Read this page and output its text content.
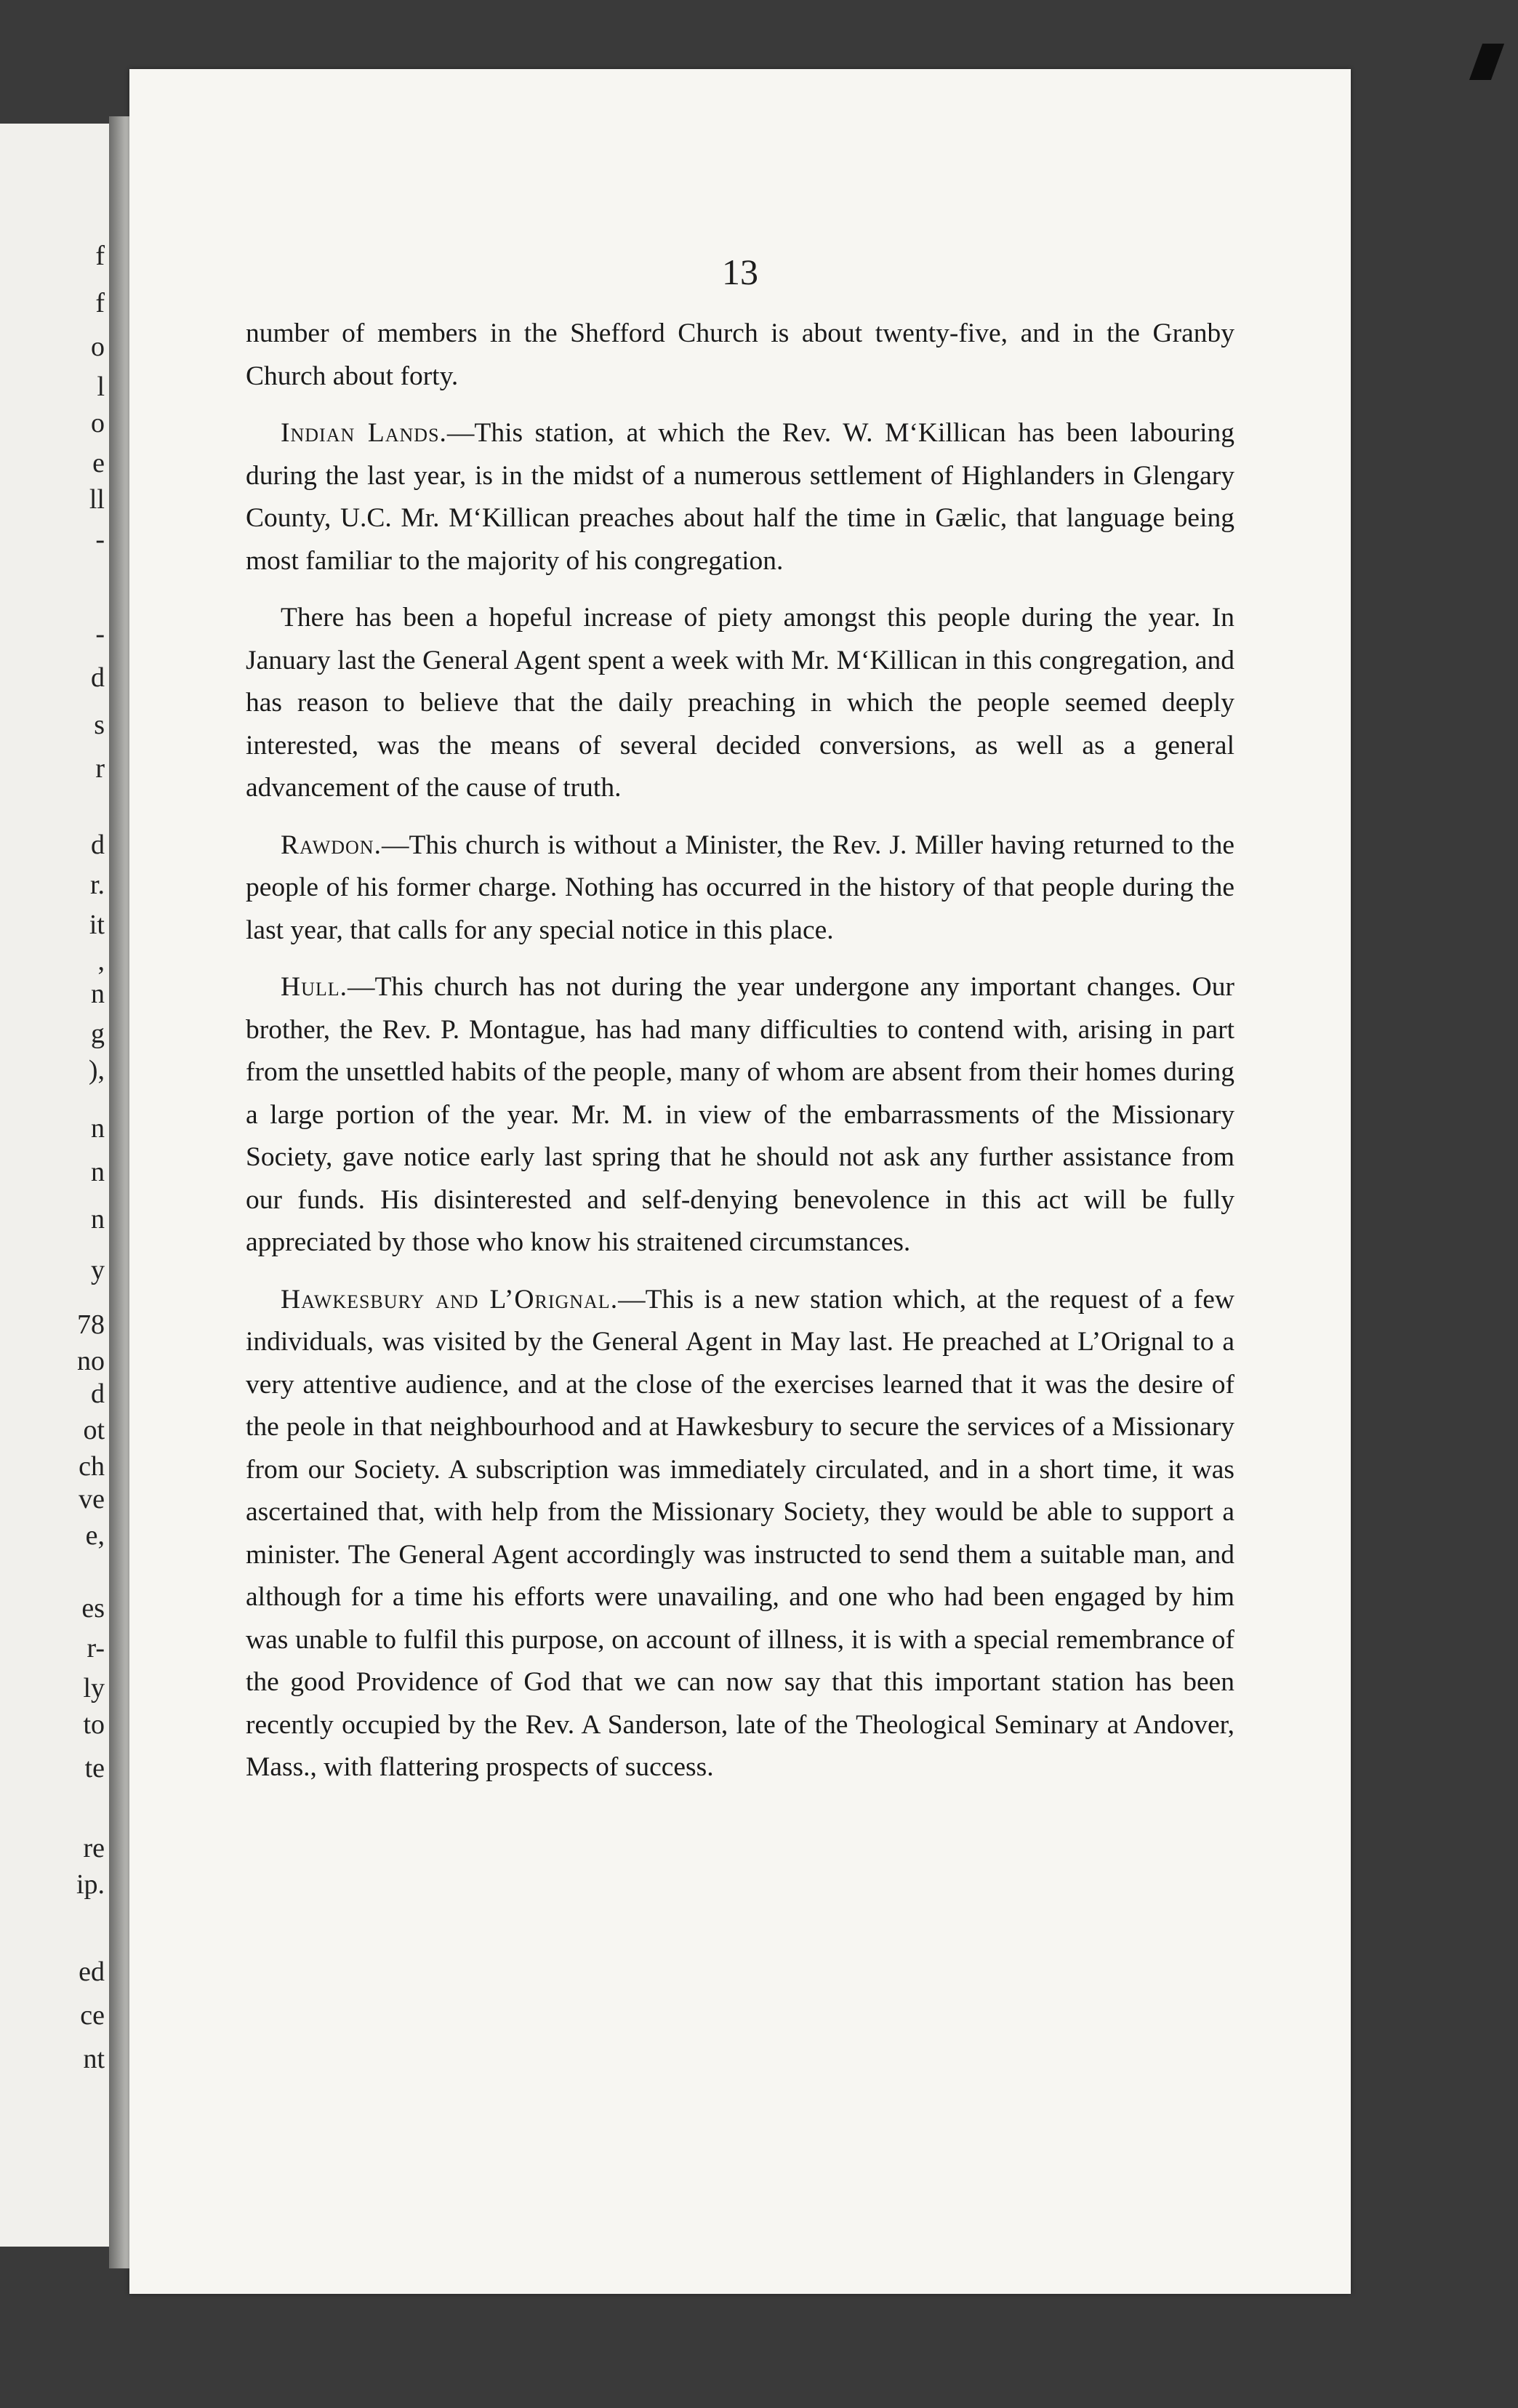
f
f
o
l
o
e
ll
-
-
d
s
r
d
r.
it
,
n
g
),
n
n
n
y
78
no
d
ot
ch
ve
e,
es
r-
ly
to
te
re
ip.
ed
ce
nt
13

number of members in the Shefford Church is about twenty-five, and in the Granby Church about forty.

Indian Lands.—This station, at which the Rev. W. M‘Killican has been labouring during the last year, is in the midst of a numerous settlement of Highlanders in Glengary County, U.C. Mr. M‘Killican preaches about half the time in Gælic, that language being most familiar to the majority of his congregation.

There has been a hopeful increase of piety amongst this people during the year. In January last the General Agent spent a week with Mr. M‘Killican in this congregation, and has reason to believe that the daily preaching in which the people seemed deeply interested, was the means of several decided conversions, as well as a general advancement of the cause of truth.

Rawdon.—This church is without a Minister, the Rev. J. Miller having returned to the people of his former charge. Nothing has occurred in the history of that people during the last year, that calls for any special notice in this place.

Hull.—This church has not during the year undergone any important changes. Our brother, the Rev. P. Montague, has had many difficulties to contend with, arising in part from the unsettled habits of the people, many of whom are absent from their homes during a large portion of the year. Mr. M. in view of the embarrassments of the Missionary Society, gave notice early last spring that he should not ask any further assistance from our funds. His disinterested and self-denying benevolence in this act will be fully appreciated by those who know his straitened circumstances.

Hawkesbury and L’Orignal.—This is a new station which, at the request of a few individuals, was visited by the General Agent in May last. He preached at L’Orignal to a very attentive audience, and at the close of the exercises learned that it was the desire of the peole in that neighbourhood and at Hawkesbury to secure the services of a Missionary from our Society. A subscription was immediately circulated, and in a short time, it was ascertained that, with help from the Missionary Society, they would be able to support a minister. The General Agent accordingly was instructed to send them a suitable man, and although for a time his efforts were unavailing, and one who had been engaged by him was unable to fulfil this purpose, on account of illness, it is with a special remembrance of the good Providence of God that we can now say that this important station has been recently occupied by the Rev. A Sanderson, late of the Theological Seminary at Andover, Mass., with flattering prospects of success.
